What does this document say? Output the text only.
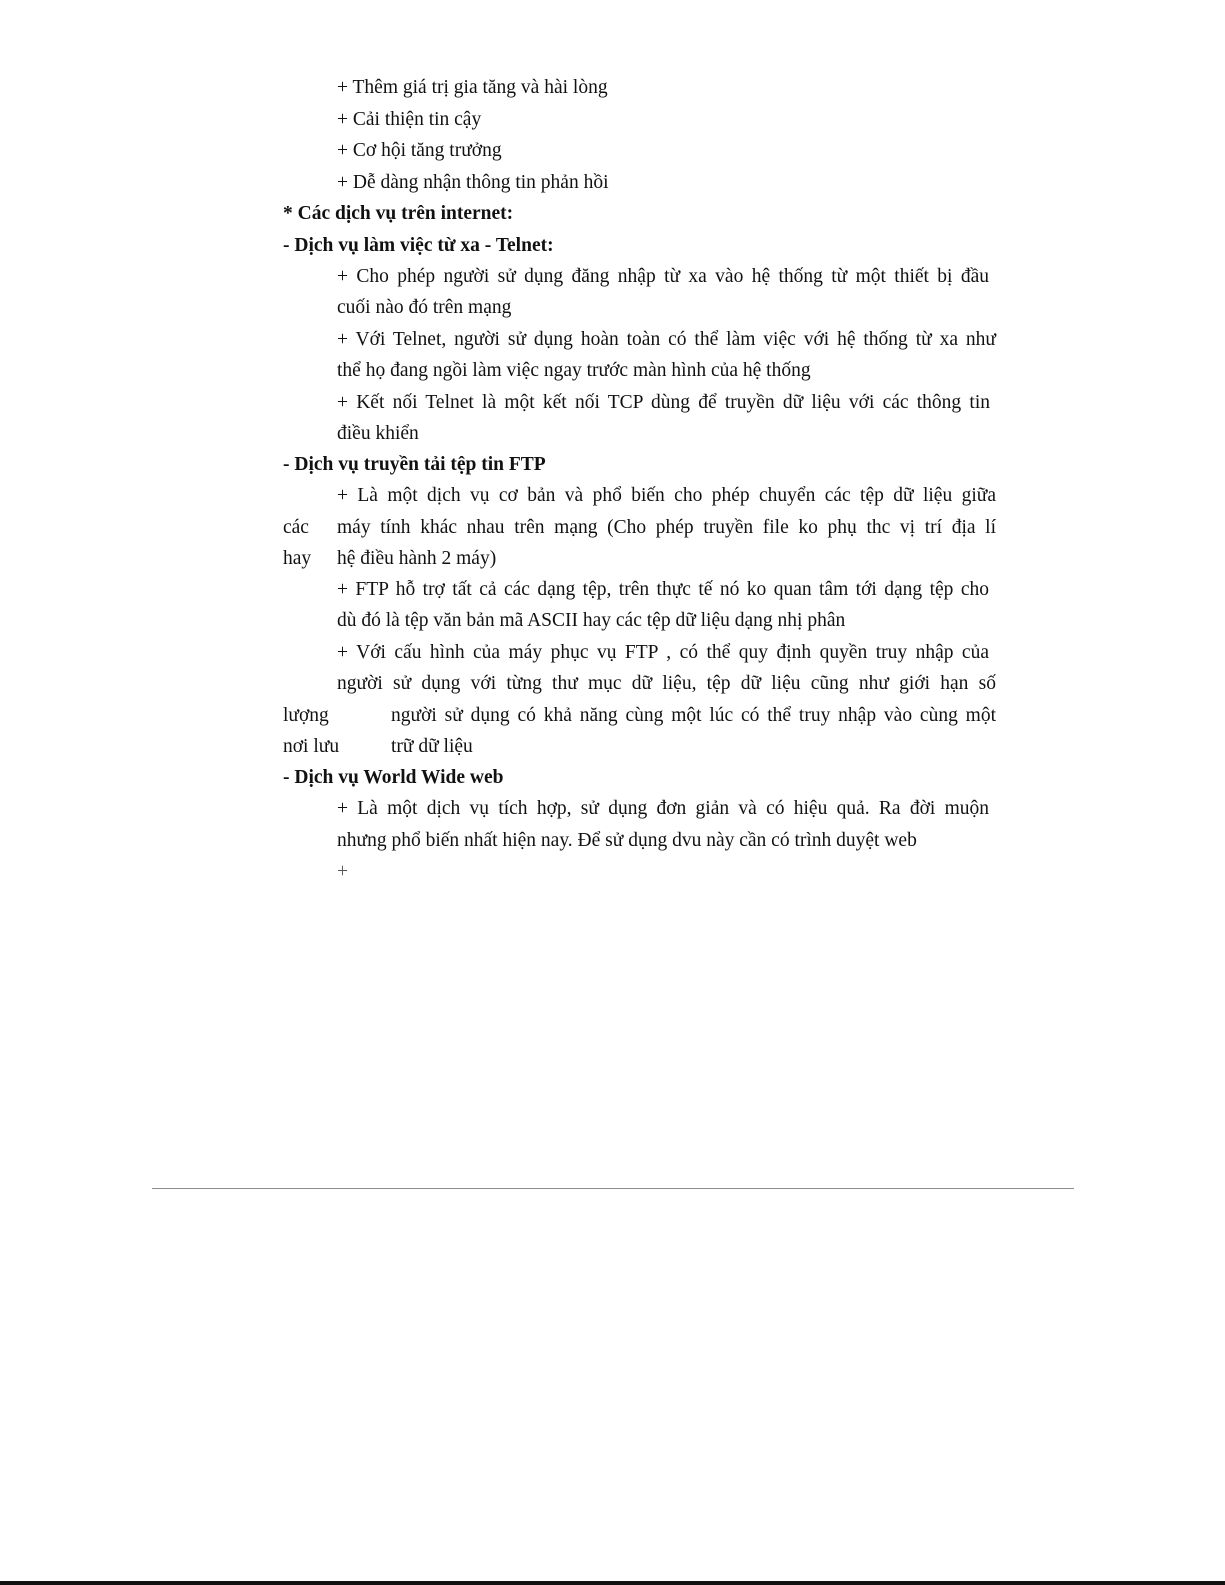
+ Thêm giá trị gia tăng và hài lòng
+ Cải thiện tin cậy
+ Cơ hội tăng trưởng
+ Dễ dàng nhận thông tin phản hồi
* Các dịch vụ trên internet:
- Dịch vụ làm việc từ xa - Telnet:
+ Cho phép người sử dụng đăng nhập từ xa vào hệ thống từ một thiết bị đầu
cuối nào đó trên mạng
+ Với Telnet, người sử dụng hoàn toàn có thể làm việc với hệ thống từ xa như
thể họ đang ngồi làm việc ngay trước màn hình của hệ thống
+ Kết nối Telnet là một kết nối TCP dùng để truyền dữ liệu với các thông tin
điều khiển
- Dịch vụ truyền tải tệp tin FTP
+ Là một dịch vụ cơ bản và phổ biến cho phép chuyển các tệp dữ liệu giữa
các máy tính khác nhau trên mạng (Cho phép truyền file ko phụ thc vị trí địa lí
hay hệ điều hành 2 máy)
+ FTP hỗ trợ tất cả các dạng tệp, trên thực tế nó ko quan tâm tới dạng tệp cho
dù đó là tệp văn bản mã ASCII hay các tệp dữ liệu dạng nhị phân
+ Với cấu hình của máy phục vụ FTP , có thể quy định quyền truy nhập của
người sử dụng với từng thư mục dữ liệu, tệp dữ liệu cũng như giới hạn số
lượng	người sử dụng có khả năng cùng một lúc có thể truy nhập vào cùng một
nơi lưu	trữ dữ liệu
- Dịch vụ World Wide web
+ Là một dịch vụ tích hợp, sử dụng đơn giản và có hiệu quả. Ra đời muộn
nhưng phổ biến nhất hiện nay. Để sử dụng dvu này cần có trình duyệt web
+
